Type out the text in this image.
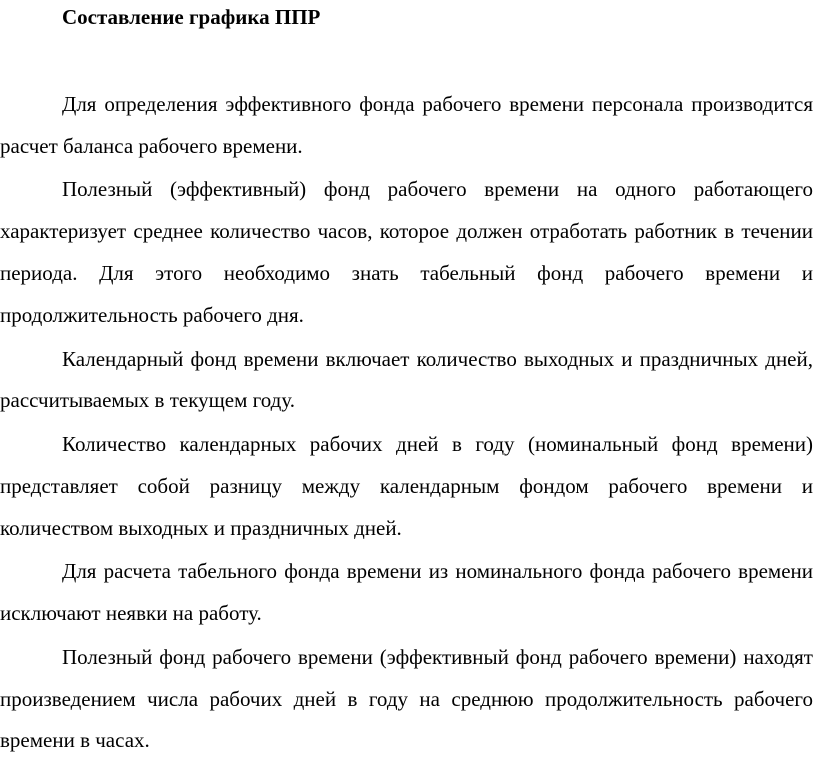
Составление графика ППР

Для определения эффективного фонда рабочего времени персонала производится расчет баланса рабочего времени.

Полезный (эффективный) фонд рабочего времени на одного работающего характеризует среднее количество часов, которое должен отработать работник в течении периода. Для этого необходимо знать табельный фонд рабочего времени и продолжительность рабочего дня.

Календарный фонд времени включает количество выходных и праздничных дней, рассчитываемых в текущем году.

Количество календарных рабочих дней в году (номинальный фонд времени) представляет собой разницу между календарным фондом рабочего времени и количеством выходных и праздничных дней.

Для расчета табельного фонда времени из номинального фонда рабочего времени исключают неявки на работу.

Полезный фонд рабочего времени (эффективный фонд рабочего времени) находят произведением числа рабочих дней в году на среднюю продолжительность рабочего времени в часах.
